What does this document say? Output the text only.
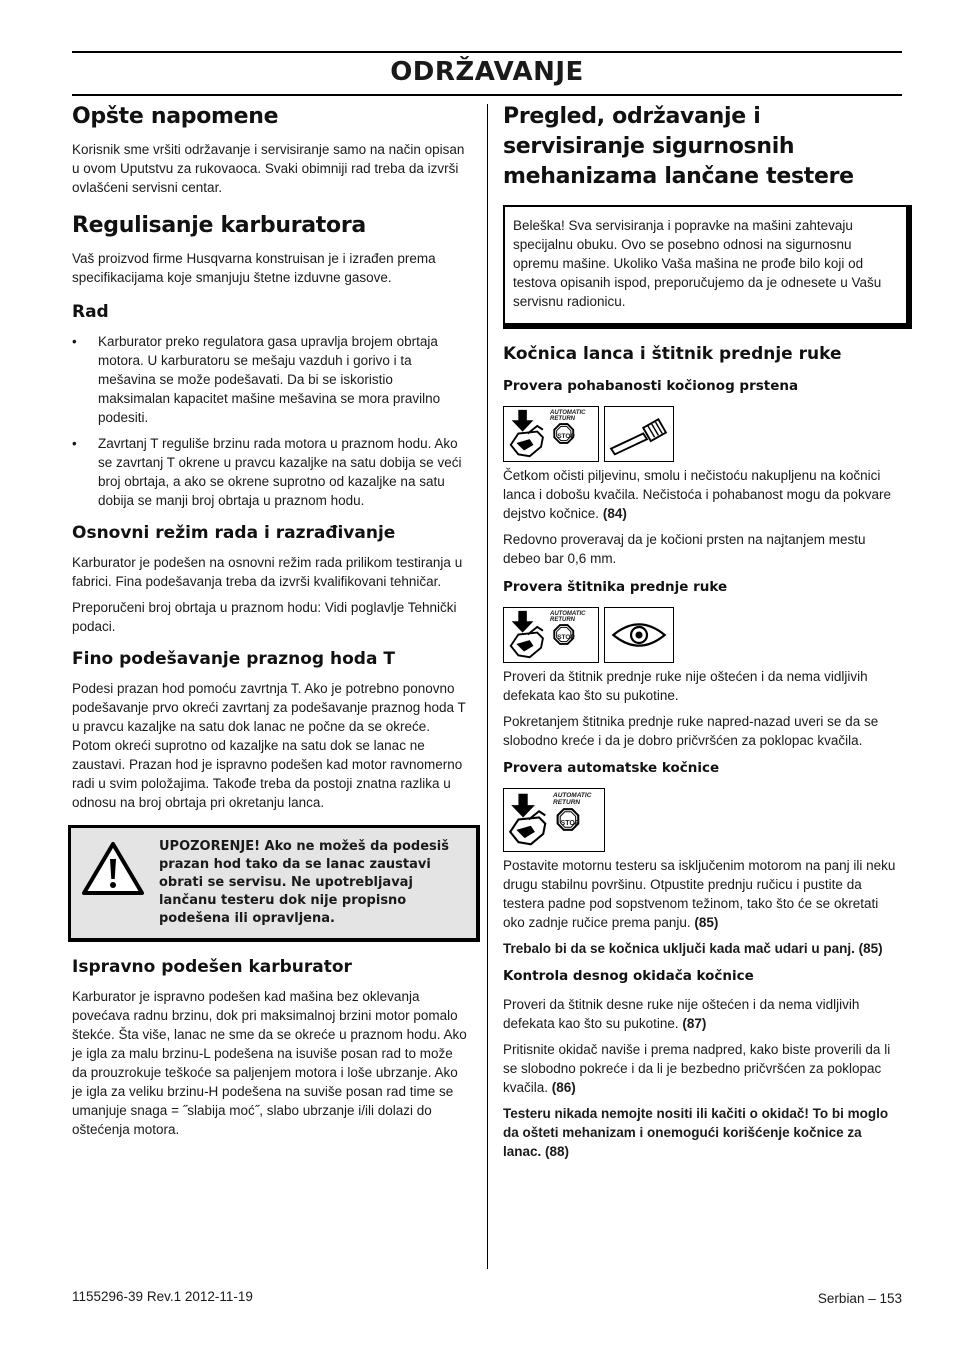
ODRŽAVANJE
Opšte napomene

Korisnik sme vršiti održavanje i servisiranje samo na način opisan u ovom Uputstvu za rukovaoca. Svaki obimniji rad treba da izvrši ovlašćeni servisni centar.

Regulisanje karburatora

Vaš proizvod firme Husqvarna konstruisan je i izrađen prema specifikacijama koje smanjuju štetne izduvne gasove.

Rad
• Karburator preko regulatora gasa upravlja brojem obrtaja motora. U karburatoru se mešaju vazduh i gorivo i ta mešavina se može podešavati. Da bi se iskoristio maksimalan kapacitet mašine mešavina se mora pravilno podesiti.
• Zavrtanj T reguliše brzinu rada motora u praznom hodu. Ako se zavrtanj T okrene u pravcu kazaljke na satu dobija se veći broj obrtaja, a ako se okrene suprotno od kazaljke na satu dobija se manji broj obrtaja u praznom hodu.
Osnovni režim rada i razrađivanje

Karburator je podešen na osnovni režim rada prilikom testiranja u fabrici. Fina podešavanja treba da izvrši kvalifikovani tehničar.

Preporučeni broj obrtaja u praznom hodu: Vidi poglavlje Tehnički podaci.

Fino podešavanje praznog hoda T

Podesi prazan hod pomoću zavrtnja T. Ako je potrebno ponovno podešavanje prvo okreći zavrtanj za podešavanje praznog hoda T u pravcu kazaljke na satu dok lanac ne počne da se okreće. Potom okreći suprotno od kazaljke na satu dok se lanac ne zaustavi. Prazan hod je ispravno podešen kad motor ravnomerno radi u svim položajima. Takođe treba da postoji znatna razlika u odnosu na broj obrtaja pri okretanju lanca.

UPOZORENJE! Ako ne možeš da podesiš prazan hod tako da se lanac zaustavi obrati se servisu. Ne upotrebljavaj lančanu testeru dok nije propisno podešena ili opravljena.

Ispravno podešen karburator

Karburator je ispravno podešen kad mašina bez oklevanja povećava radnu brzinu, dok pri maksimalnoj brzini motor pomalo štekće. Šta više, lanac ne sme da se okreće u praznom hodu. Ako je igla za malu brzinu-L podešena na isuviše posan rad to može da prouzrokuje teškoće sa paljenjem motora i loše ubrzanje. Ako je igla za veliku brzinu-H podešena na suviše posan rad time se umanjuje snaga = ˝slabija moć˝, slabo ubrzanje i/ili dolazi do oštećenja motora.

Pregled, održavanje i servisiranje sigurnosnih mehanizama lančane testere

Beleška! Sva servisiranja i popravke na mašini zahtevaju specijalnu obuku. Ovo se posebno odnosi na sigurnosnu opremu mašine. Ukoliko Vaša mašina ne prođe bilo koji od testova opisanih ispod, preporučujemo da je odnesete u Vašu servisnu radionicu.

Kočnica lanca i štitnik prednje ruke
Provera pohabanosti kočionog prstena
AUTOMATIC
RETURN
STOP

Četkom očisti piljevinu, smolu i nečistoću nakupljenu na kočnici lanca i dobošu kvačila. Nečistoća i pohabanost mogu da pokvare dejstvo kočnice. (84)

Redovno proveravaj da je kočioni prsten na najtanjem mestu debeo bar 0,6 mm.

Provera štitnika prednje ruke
AUTOMATIC
RETURN
STOP

Proveri da štitnik prednje ruke nije oštećen i da nema vidljivih defekata kao što su pukotine.

Pokretanjem štitnika prednje ruke napred-nazad uveri se da se slobodno kreće i da je dobro pričvršćen za poklopac kvačila.

Provera automatske kočnice
AUTOMATIC
RETURN
STOP

Postavite motornu testeru sa isključenim motorom na panj ili neku drugu stabilnu površinu. Otpustite prednju ručicu i pustite da testera padne pod sopstvenom težinom, tako što će se okretati oko zadnje ručice prema panju. (85)

Trebalo bi da se kočnica uključi kada mač udari u panj. (85)

Kontrola desnog okidača kočnice

Proveri da štitnik desne ruke nije oštećen i da nema vidljivih defekata kao što su pukotine. (87)

Pritisnite okidač naviše i prema nadpred, kako biste proverili da li se slobodno pokreće i da li je bezbedno pričvršćen za poklopac kvačila. (86)

Testeru nikada nemojte nositi ili kačiti o okidač! To bi moglo da ošteti mehanizam i onemogući korišćenje kočnice za lanac. (88)

1155296-39 Rev.1 2012-11-19	Serbian – 153
